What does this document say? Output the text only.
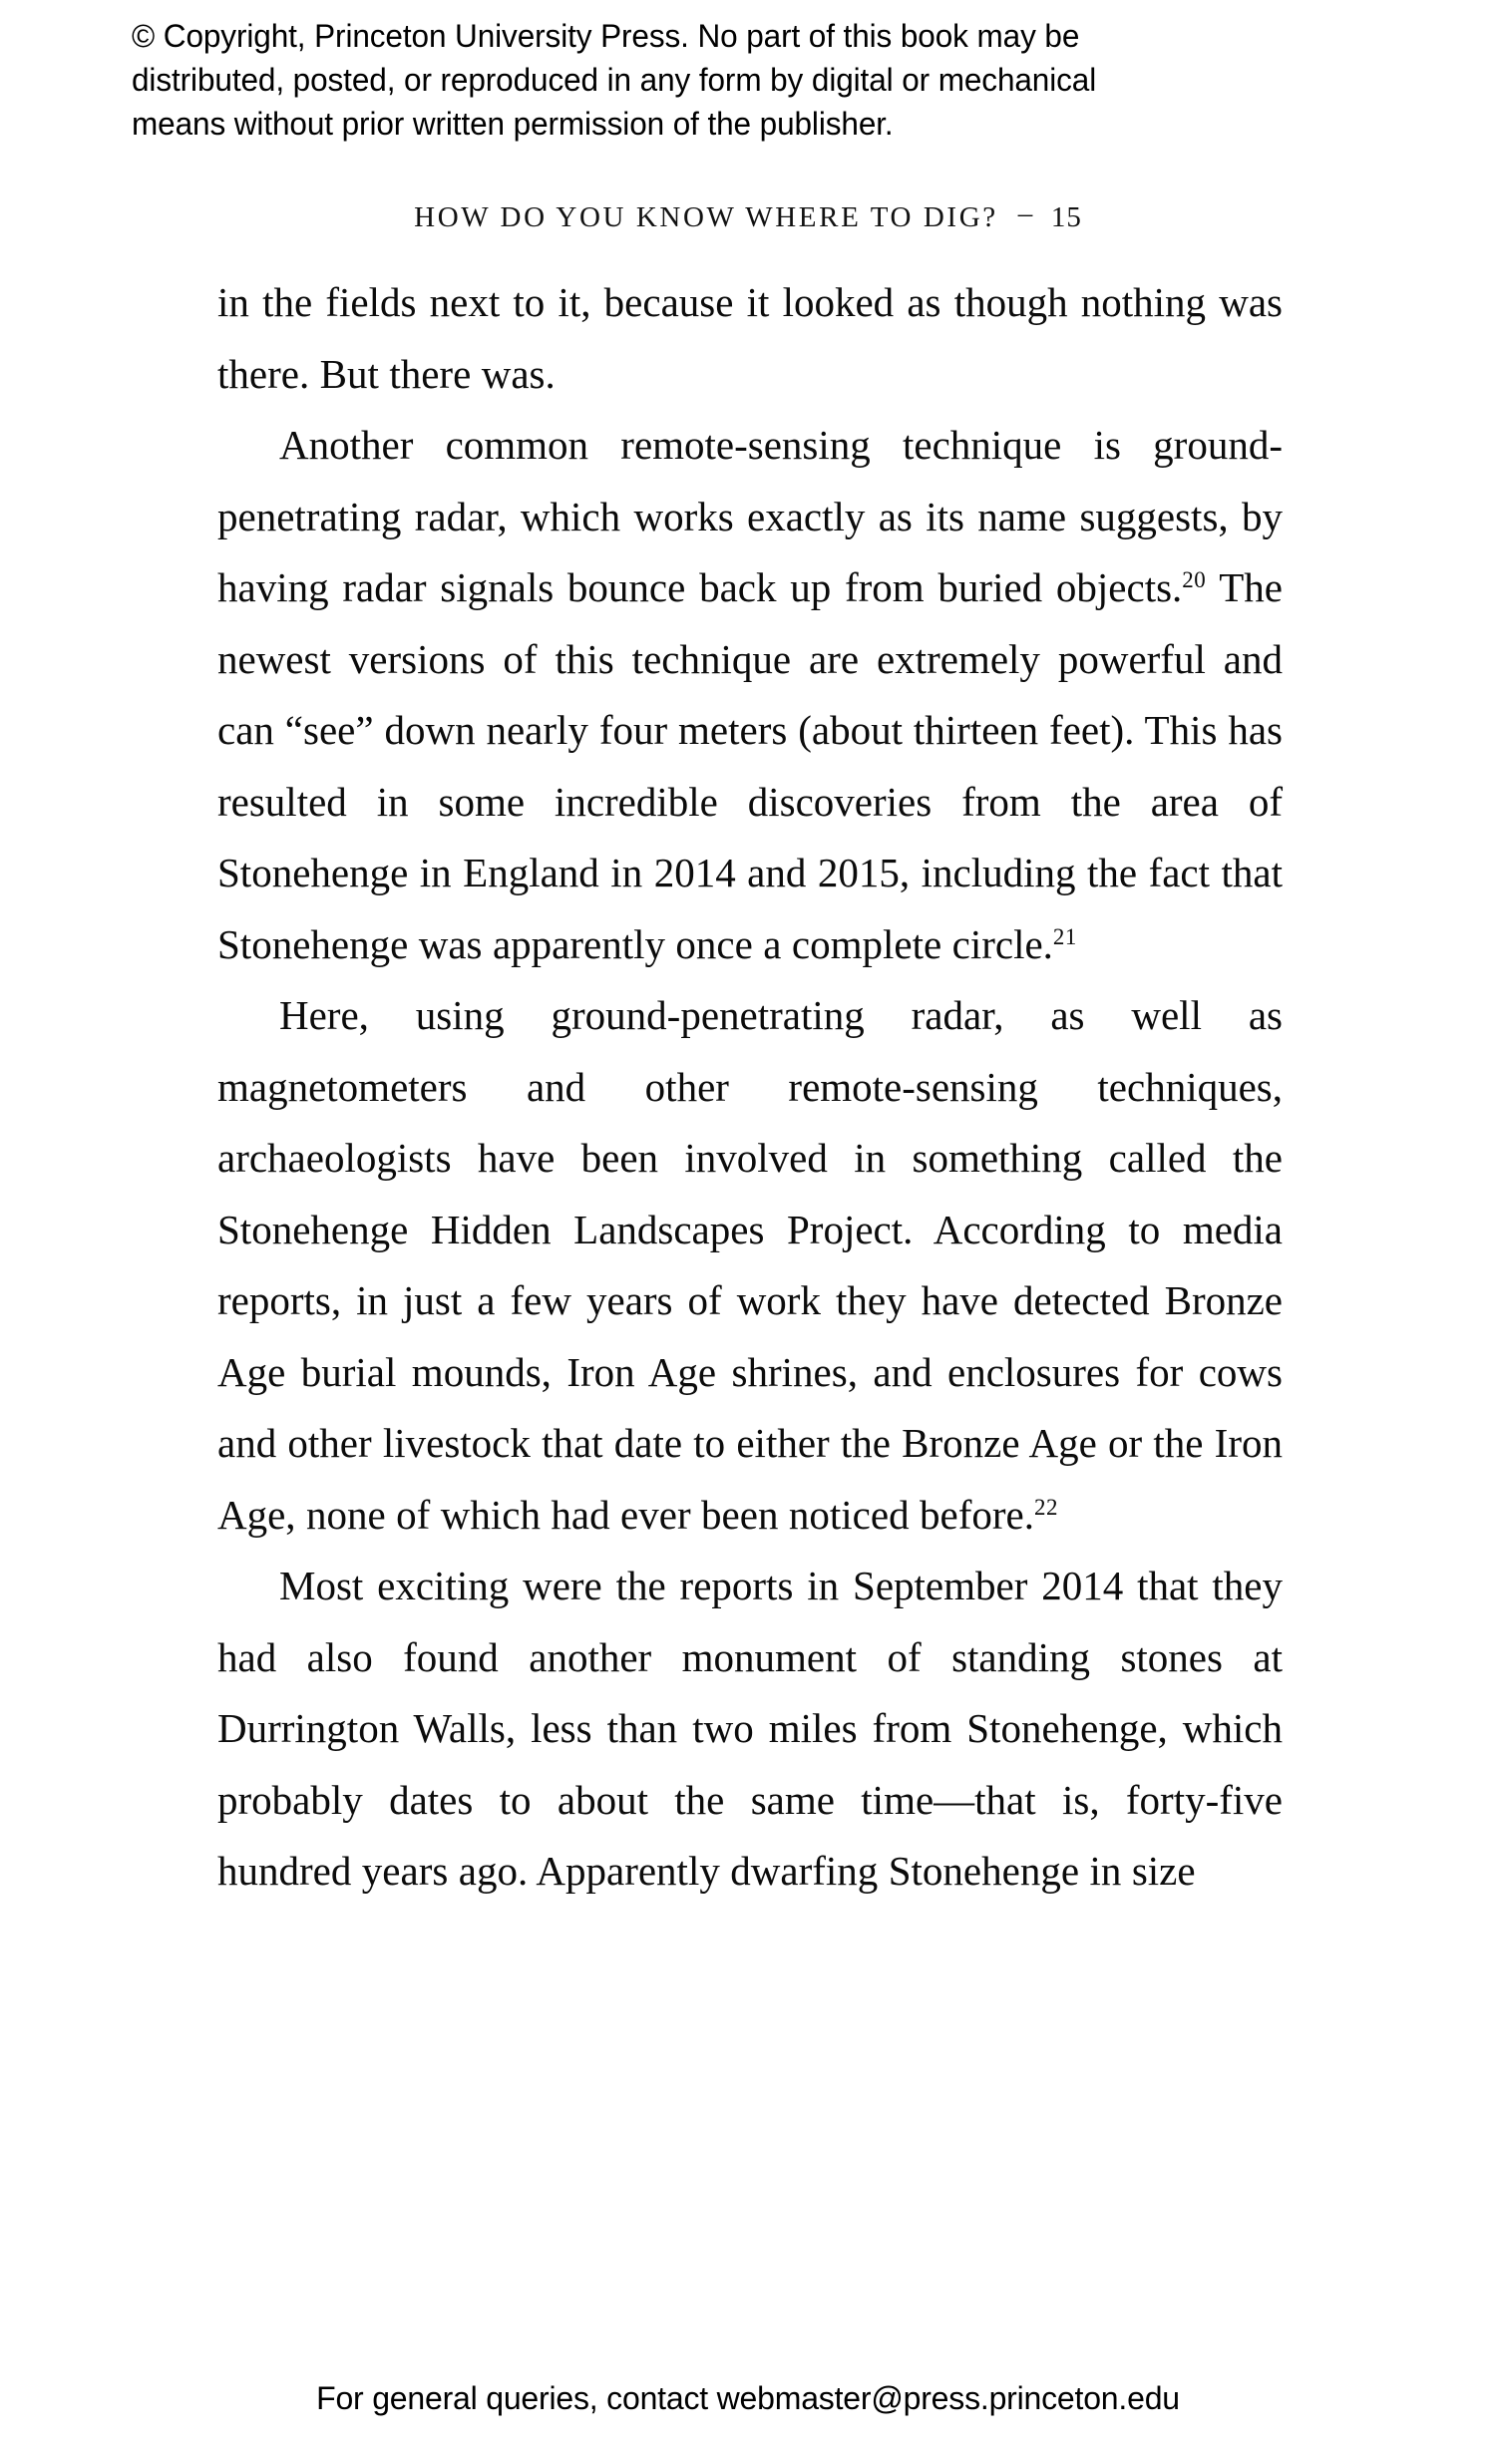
© Copyright, Princeton University Press. No part of this book may be
distributed, posted, or reproduced in any form by digital or mechanical
means without prior written permission of the publisher.
HOW DO YOU KNOW WHERE TO DIG? – 15

in the fields next to it, because it looked as though nothing was there. But there was.

Another common remote-sensing technique is ground-penetrating radar, which works exactly as its name suggests, by having radar signals bounce back up from buried objects.$^{20}$ The newest versions of this technique are extremely powerful and can “see” down nearly four meters (about thirteen feet). This has resulted in some incredible discoveries from the area of Stonehenge in England in 2014 and 2015, including the fact that Stonehenge was apparently once a complete circle.$^{21}$

Here, using ground-penetrating radar, as well as magnetometers and other remote-sensing techniques, archaeologists have been involved in something called the Stonehenge Hidden Landscapes Project. According to media reports, in just a few years of work they have detected Bronze Age burial mounds, Iron Age shrines, and enclosures for cows and other livestock that date to either the Bronze Age or the Iron Age, none of which had ever been noticed before.$^{22}$

Most exciting were the reports in September 2014 that they had also found another monument of standing stones at Durrington Walls, less than two miles from Stonehenge, which probably dates to about the same time—that is, forty-five hundred years ago. Apparently dwarfing Stonehenge in size

For general queries, contact webmaster@press.princeton.edu
